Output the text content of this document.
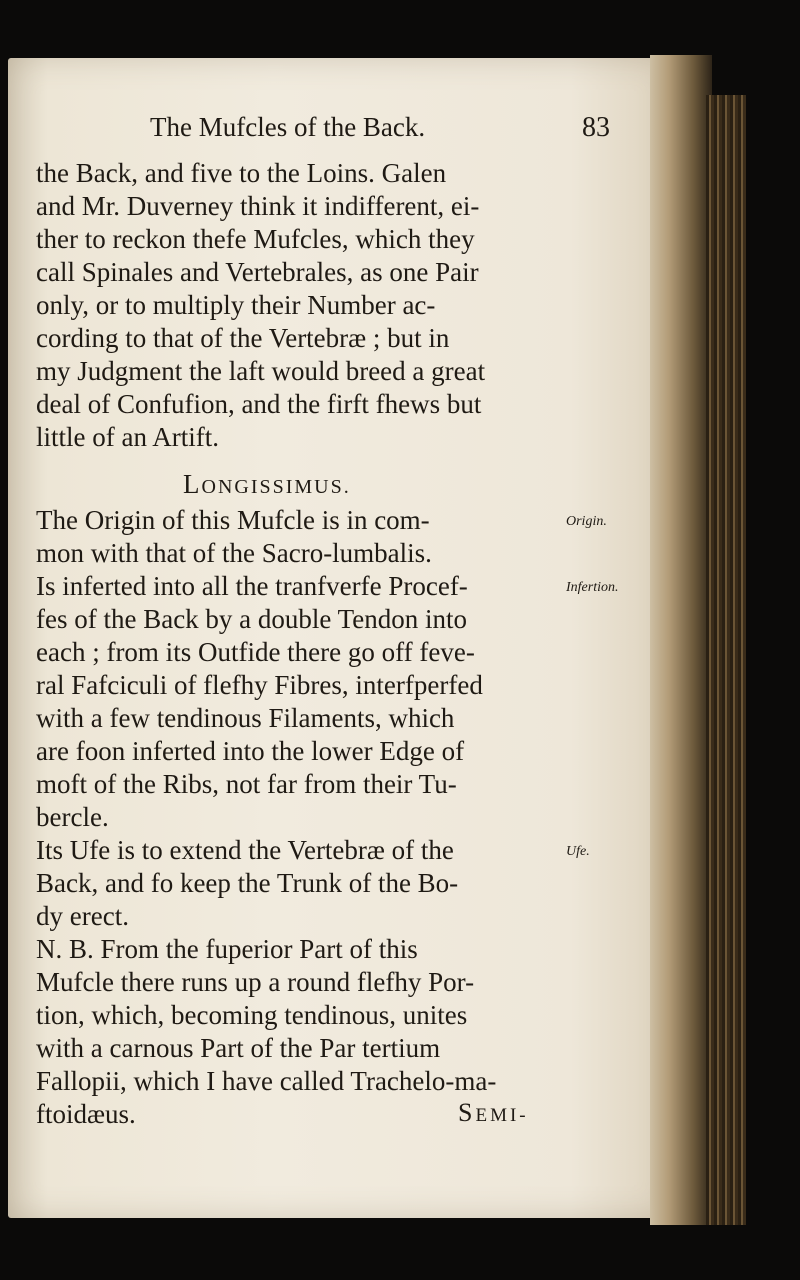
The Mufcles of the Back.	83
the Back, and five to the Loins. Galen
and Mr. Duverney think it indifferent, ei-
ther to reckon thefe Mufcles, which they
call Spinales and Vertebrales, as one Pair
only, or to multiply their Number ac-
cording to that of the Vertebræ ; but in
my Judgment the laft would breed a great
deal of Confufion, and the firft fhews but
little of an Artift.
LONGISSIMUS.
The Origin of this Mufcle is in com-
mon with that of the Sacro-lumbalis.
Is inferted into all the tranfverfe Procef-
fes of the Back by a double Tendon into
each ; from its Outfide there go off feve-
ral Fafciculi of flefhy Fibres, interfperfed
with a few tendinous Filaments, which
are foon inferted into the lower Edge of
moft of the Ribs, not far from their Tu-
bercle.
Its Ufe is to extend the Vertebræ of the
Back, and fo keep the Trunk of the Bo-
dy erect.
N. B. From the fuperior Part of this
Mufcle there runs up a round flefhy Por-
tion, which, becoming tendinous, unites
with a carnous Part of the Par tertium
Fallopii, which I have called Trachelo-ma-
ftoidæus.
Origin.
Infertion.
Ufe.
SEMI-
